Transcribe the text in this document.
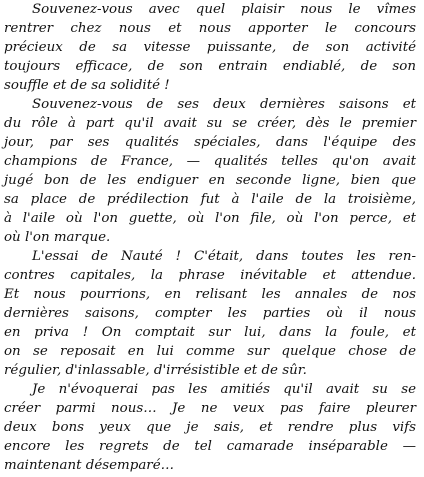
Souvenez-vous avec quel plaisir nous le vîmes
rentrer chez nous et nous apporter le concours
précieux de sa vitesse puissante, de son activité
toujours efficace, de son entrain endiablé, de son
souffle et de sa solidité !
Souvenez-vous de ses deux dernières saisons et
du rôle à part qu'il avait su se créer, dès le premier
jour, par ses qualités spéciales, dans l'équipe des
champions de France, — qualités telles qu'on avait
jugé bon de les endiguer en seconde ligne, bien que
sa place de prédilection fut à l'aile de la troisième,
à l'aile où l'on guette, où l'on file, où l'on perce, et
où l'on marque.
L'essai de Nauté ! C'était, dans toutes les ren-
contres capitales, la phrase inévitable et attendue.
Et nous pourrions, en relisant les annales de nos
dernières saisons, compter les parties où il nous
en priva ! On comptait sur lui, dans la foule, et
on se reposait en lui comme sur quelque chose de
régulier, d'inlassable, d'irrésistible et de sûr.
Je n'évoquerai pas les amitiés qu'il avait su se
créer parmi nous… Je ne veux pas faire pleurer
deux bons yeux que je sais, et rendre plus vifs
encore les regrets de tel camarade inséparable —
maintenant désemparé…
